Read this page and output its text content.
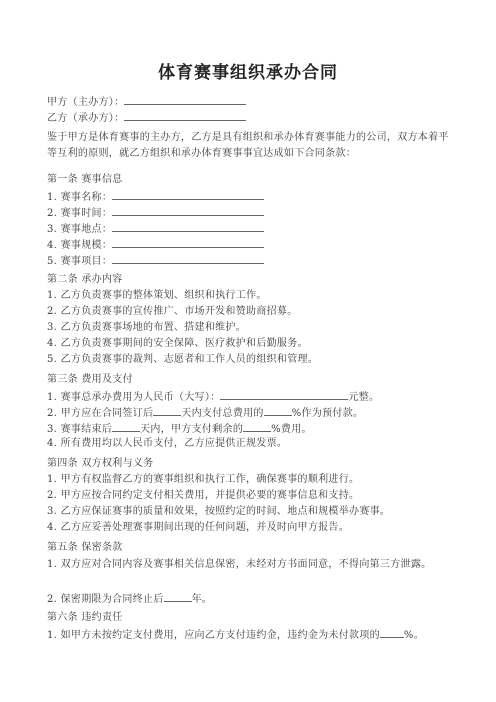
体育赛事组织承办合同
甲方（主办方）：
乙方（承办方）：
鉴于甲方是体育赛事的主办方，乙方是具有组织和承办体育赛事能力的公司，双方本着平等互利的原则，就乙方组织和承办体育赛事事宜达成如下合同条款：
第一条 赛事信息
1. 赛事名称：
2. 赛事时间：
3. 赛事地点：
4. 赛事规模：
5. 赛事项目：
第二条 承办内容
1. 乙方负责赛事的整体策划、组织和执行工作。
2. 乙方负责赛事的宣传推广、市场开发和赞助商招募。
3. 乙方负责赛事场地的布置、搭建和维护。
4. 乙方负责赛事期间的安全保障、医疗救护和后勤服务。
5. 乙方负责赛事的裁判、志愿者和工作人员的组织和管理。
第三条 费用及支付
1. 赛事总承办费用为人民币（大写）：	元整。
2. 甲方应在合同签订后	天内支付总费用的	%作为预付款。
3. 赛事结束后	天内，甲方支付剩余的	%费用。
4. 所有费用均以人民币支付，乙方应提供正规发票。
第四条 双方权利与义务
1. 甲方有权监督乙方的赛事组织和执行工作，确保赛事的顺利进行。
2. 甲方应按合同约定支付相关费用，并提供必要的赛事信息和支持。
3. 乙方应保证赛事的质量和效果，按照约定的时间、地点和规模举办赛事。
4. 乙方应妥善处理赛事期间出现的任何问题，并及时向甲方报告。
第五条 保密条款
1. 双方应对合同内容及赛事相关信息保密，未经对方书面同意，不得向第三方泄露。
2. 保密期限为合同终止后	年。
第六条 违约责任
1. 如甲方未按约定支付费用，应向乙方支付违约金，违约金为未付款项的 %。
